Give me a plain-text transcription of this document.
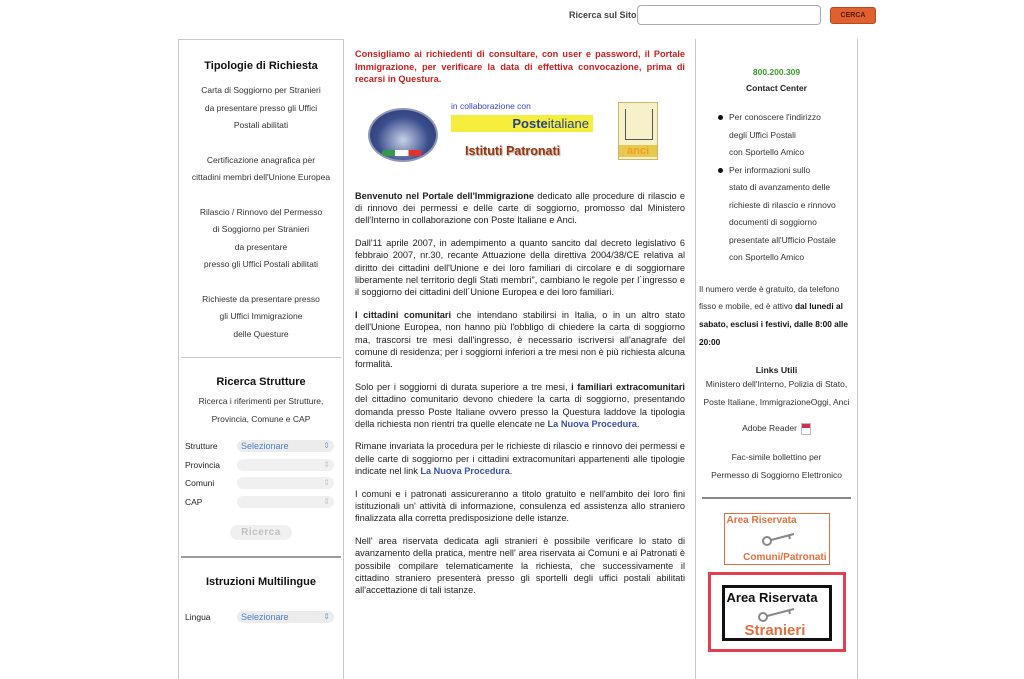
Ricerca sul Sito	CERCA
Tipologie di Richiesta
Carta di Soggiorno per Stranieri
da presentare presso gli Uffici
Postali abilitati
Certificazione anagrafica per
cittadini membri dell'Unione Europea
Rilascio / Rinnovo del Permesso
di Soggiorno per Stranieri
da presentare
presso gli Uffici Postali abilitati
Richieste da presentare presso
gli Uffici Immigrazione
delle Questure
Ricerca Strutture
Ricerca i riferimenti per Strutture,
Provincia, Comune e CAP
Strutture	Selezionare	⇕
Provincia	⇕
Comuni	⇕
CAP	⇕
Ricerca
Istruzioni Multilingue
Lingua	Selezionare	⇕
Consigliamo ai richiedenti di consultare, con user e password, il Portale Immigrazione, per verificare la data di effettiva convocazione, prima di recarsi in Questura.
in collaborazione con
Posteitaliane
Istituti Patronati	anci

Benvenuto nel Portale dell'Immigrazione dedicato alle procedure di rilascio e di rinnovo dei permessi e delle carte di soggiorno, promosso dal Ministero dell'Interno in collaborazione con Poste Italiane e Anci.

Dall'11 aprile 2007, in adempimento a quanto sancito dal decreto legislativo 6 febbraio 2007, nr.30, recante Attuazione della direttiva 2004/38/CE relativa al diritto dei cittadini dell'Unione e dei loro familiari di circolare e di soggiornare liberamente nel territorio degli Stati membri", cambiano le regole per l´ingresso e il soggiorno dei cittadini dell´Unione Europea e dei loro familiari.

I cittadini comunitari che intendano stabilirsi in Italia, o in un altro stato dell'Unione Europea, non hanno più l'obbligo di chiedere la carta di soggiorno ma, trascorsi tre mesi dall'ingresso, è necessario iscriversi all'anagrafe del comune di residenza; per i soggiorni inferiori a tre mesi non è più richiesta alcuna formalità.

Solo per i soggiorni di durata superiore a tre mesi, i familiari extracomunitari del cittadino comunitario devono chiedere la carta di soggiorno, presentando domanda presso Poste Italiane ovvero presso la Questura laddove la tipologia della richiesta non rientri tra quelle elencate ne La Nuova Procedura.

Rimane invariata la procedura per le richieste di rilascio e rinnovo dei permessi e delle carte di soggiorno per i cittadini extracomunitari appartenenti alle tipologie indicate nel link La Nuova Procedura.

I comuni e i patronati assicureranno a titolo gratuito e nell'ambito dei loro fini istituzionali un' attività di informazione, consulenza ed assistenza allo straniero finalizzata alla corretta predisposizione delle istanze.

Nell' area riservata dedicata agli stranieri è possibile verificare lo stato di avanzamento della pratica, mentre nell' area riservata ai Comuni e ai Patronati è possibile compilare telematicamente la richiesta, che successivamente il cittadino straniero presenterà presso gli sportelli degli uffici postali abilitati all'accettazione di tali istanze.

800.200.309
Contact Center
Per conoscere l'indirizzo
degli Uffici Postali
con Sportello Amico
Per informazioni sullo
stato di avanzamento delle
richieste di rilascio e rinnovo
documenti di soggiorno
presentate all'Ufficio Postale
con Sportello Amico
Il numero verde è gratuito, da telefono fisso e mobile, ed è attivo dal lunedi al sabato, esclusi i festivi, dalle 8:00 alle 20:00
Links Utili
Ministero dell'Interno, Polizia di Stato,
Poste Italiane, ImmigrazioneOggi, Anci
Adobe Reader
Fac-simile bollettino per
Permesso di Soggiorno Elettronico
Area Riservata
Comuni/Patronati
Area Riservata
Stranieri
